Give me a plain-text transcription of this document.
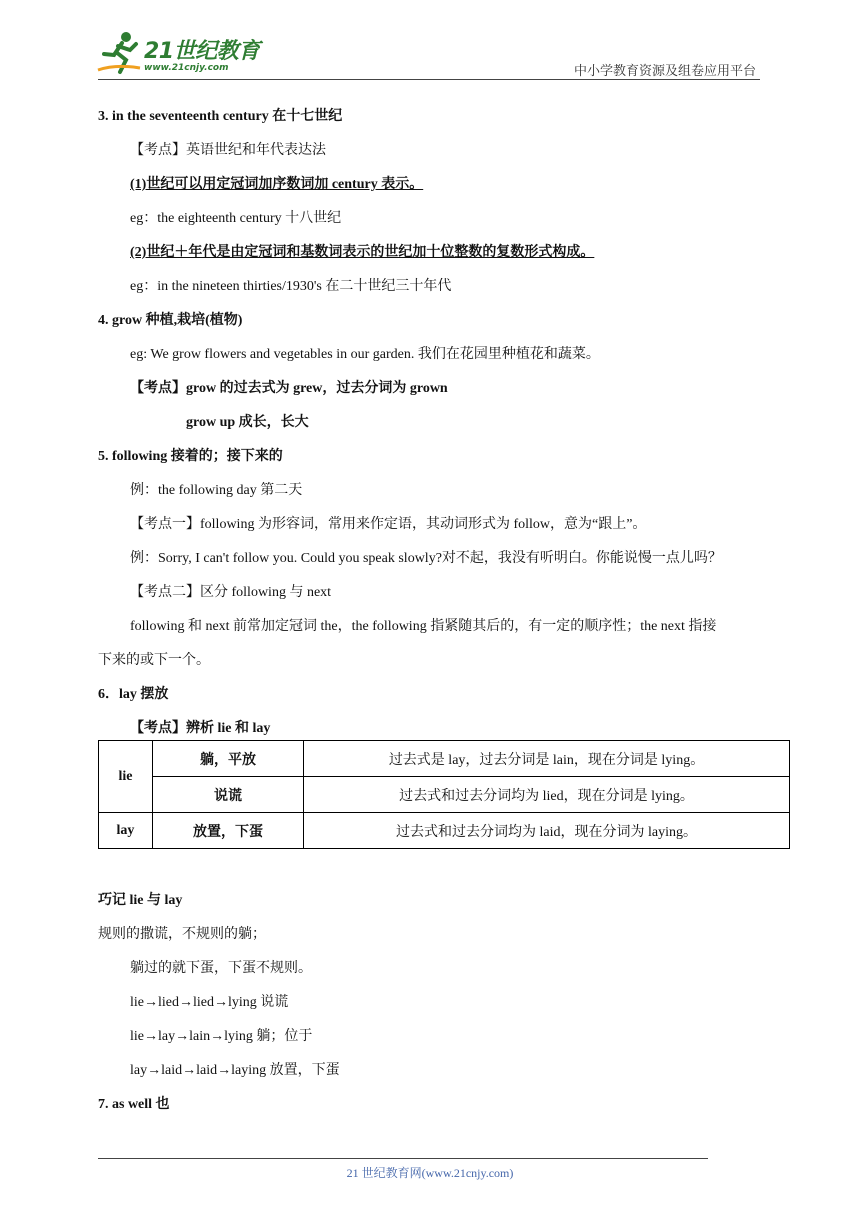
21世纪教育
www.21cnjy.com	中小学教育资源及组卷应用平台
3. in the seventeenth century 在十七世纪
【考点】英语世纪和年代表达法
(1)世纪可以用定冠词加序数词加 century 表示。
eg：the eighteenth century 十八世纪
(2)世纪＋年代是由定冠词和基数词表示的世纪加十位整数的复数形式构成。
eg：in the nineteen thirties/1930's 在二十世纪三十年代
4. grow 种植,栽培(植物)
eg: We grow flowers and vegetables in our garden. 我们在花园里种植花和蔬菜。
【考点】grow 的过去式为 grew，过去分词为 grown
grow up 成长，长大
5. following 接着的；接下来的
例：the following day 第二天
【考点一】following 为形容词，常用来作定语，其动词形式为 follow，意为“跟上”。
例：Sorry, I can't follow you. Could you speak slowly?对不起，我没有听明白。你能说慢一点儿吗？
【考点二】区分 following 与 next
following 和 next 前常加定冠词 the，the following 指紧随其后的，有一定的顺序性；the next 指接
下来的或下一个。
6．lay 摆放
【考点】辨析 lie 和 lay
lie	躺，平放	过去式是 lay，过去分词是 lain，现在分词是 lying。
	说谎	过去式和过去分词均为 lied，现在分词是 lying。
lay	放置，下蛋	过去式和过去分词均为 laid，现在分词为 laying。
巧记 lie 与 lay
规则的撒谎，不规则的躺；
躺过的就下蛋，下蛋不规则。
lie→lied→lied→lying 说谎
lie→lay→lain→lying 躺；位于
lay→laid→laid→laying 放置，下蛋
7. as well 也
21 世纪教育网(www.21cnjy.com)
